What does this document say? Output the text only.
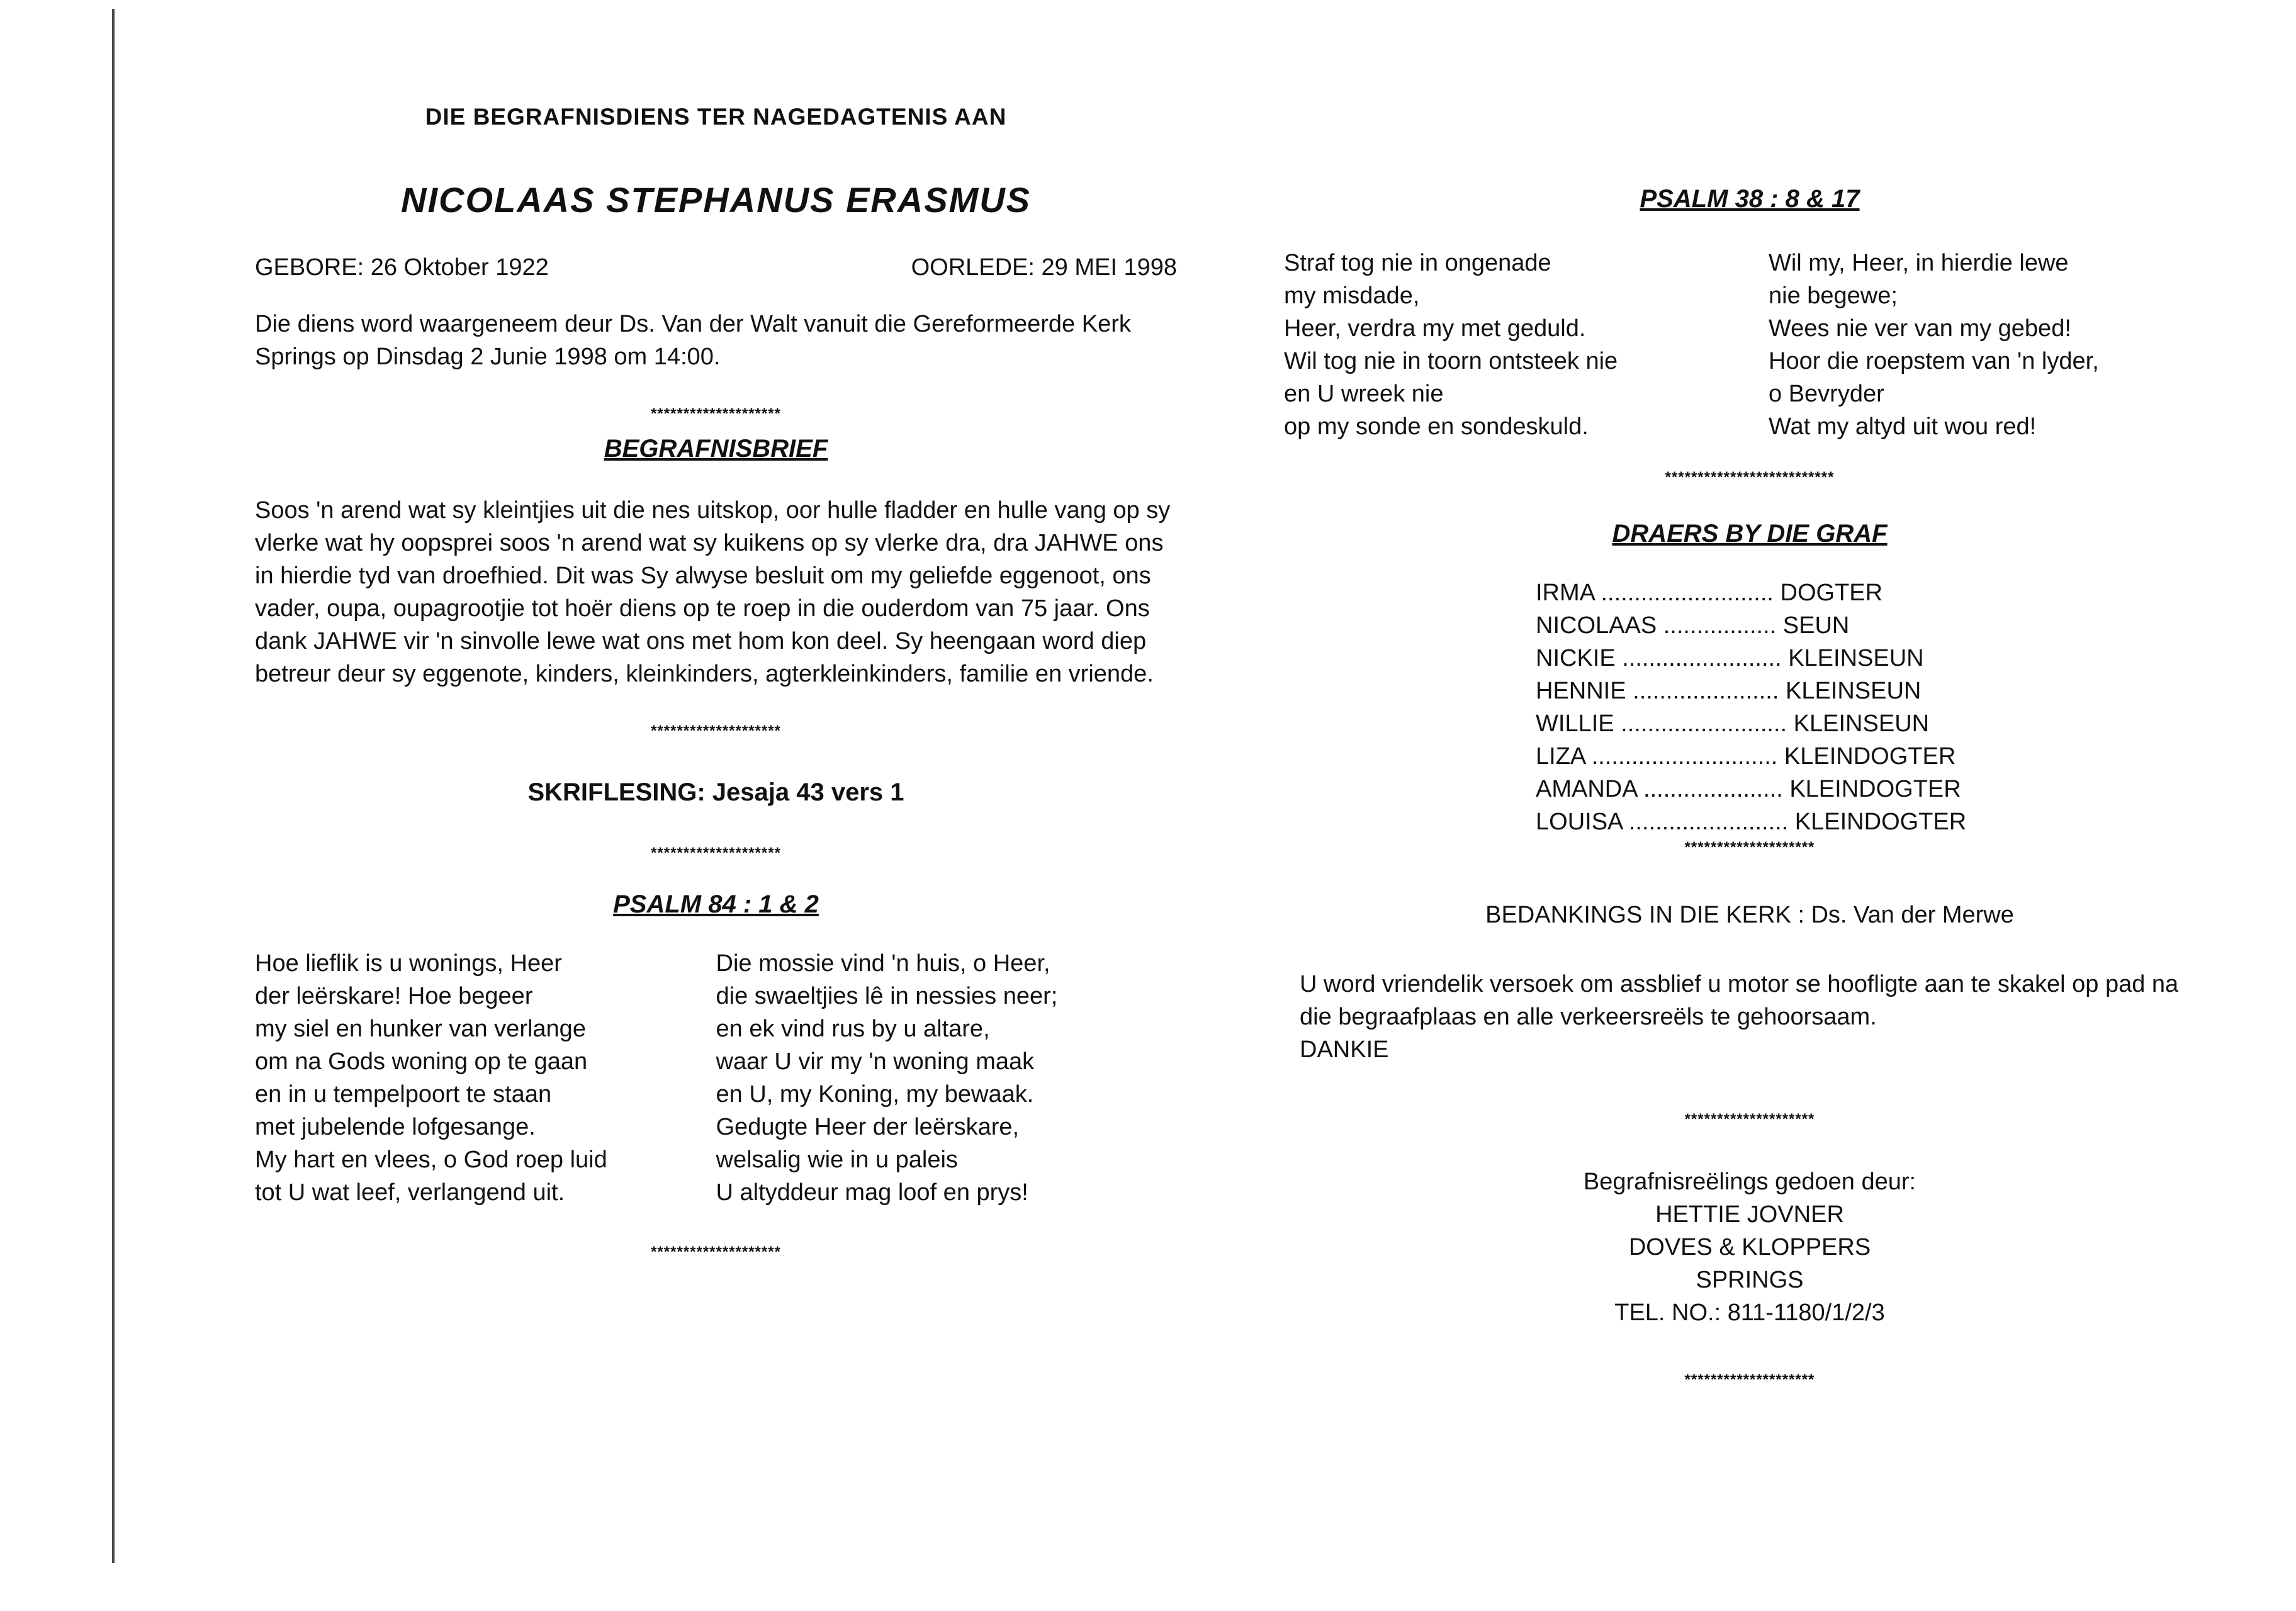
DIE BEGRAFNISDIENS TER NAGEDAGTENIS AAN
NICOLAAS STEPHANUS ERASMUS
GEBORE: 26 Oktober 1922	OORLEDE: 29 MEI 1998

Die diens word waargeneem deur Ds. Van der Walt vanuit die Gereformeerde Kerk Springs op Dinsdag 2 Junie 1998 om 14:00.

********************
BEGRAFNISBRIEF

Soos 'n arend wat sy kleintjies uit die nes uitskop, oor hulle fladder en hulle vang op sy vlerke wat hy oopsprei soos 'n arend wat sy kuikens op sy vlerke dra, dra JAHWE ons in hierdie tyd van droefhied. Dit was Sy alwyse besluit om my geliefde eggenoot, ons vader, oupa, oupagrootjie tot hoër diens op te roep in die ouderdom van 75 jaar. Ons dank JAHWE vir 'n sinvolle lewe wat ons met hom kon deel. Sy heengaan word diep betreur deur sy eggenote, kinders, kleinkinders, agterkleinkinders, familie en vriende.

********************
SKRIFLESING: Jesaja 43 vers 1
********************
PSALM 84 : 1 & 2
Hoe lieflik is u wonings, Heer
der leërskare! Hoe begeer
my siel en hunker van verlange
om na Gods woning op te gaan
en in u tempelpoort te staan
met jubelende lofgesange.
My hart en vlees, o God roep luid
tot U wat leef, verlangend uit.
Die mossie vind 'n huis, o Heer,
die swaeltjies lê in nessies neer;
en ek vind rus by u altare,
waar U vir my 'n woning maak
en U, my Koning, my bewaak.
Gedugte Heer der leërskare,
welsalig wie in u paleis
U altyddeur mag loof en prys!
********************
PSALM 38 : 8 & 17
Straf tog nie in ongenade
my misdade,
Heer, verdra my met geduld.
Wil tog nie in toorn ontsteek nie
en U wreek nie
op my sonde en sondeskuld.
Wil my, Heer, in hierdie lewe
nie begewe;
Wees nie ver van my gebed!
Hoor die roepstem van 'n lyder,
o Bevryder
Wat my altyd uit wou red!
**************************
DRAERS BY DIE GRAF
IRMA .......................... DOGTER
NICOLAAS ................. SEUN
NICKIE ........................ KLEINSEUN
HENNIE ...................... KLEINSEUN
WILLIE ......................... KLEINSEUN
LIZA ............................ KLEINDOGTER
AMANDA ..................... KLEINDOGTER
LOUISA ........................ KLEINDOGTER
********************
BEDANKINGS IN DIE KERK : Ds. Van der Merwe

U word vriendelik versoek om assblief u motor se hoofligte aan te skakel op pad na die begraafplaas en alle verkeersreëls te gehoorsaam.

DANKIE

********************
Begrafnisreëlings gedoen deur:
HETTIE JOVNER
DOVES & KLOPPERS
SPRINGS
TEL. NO.: 811-1180/1/2/3
********************
